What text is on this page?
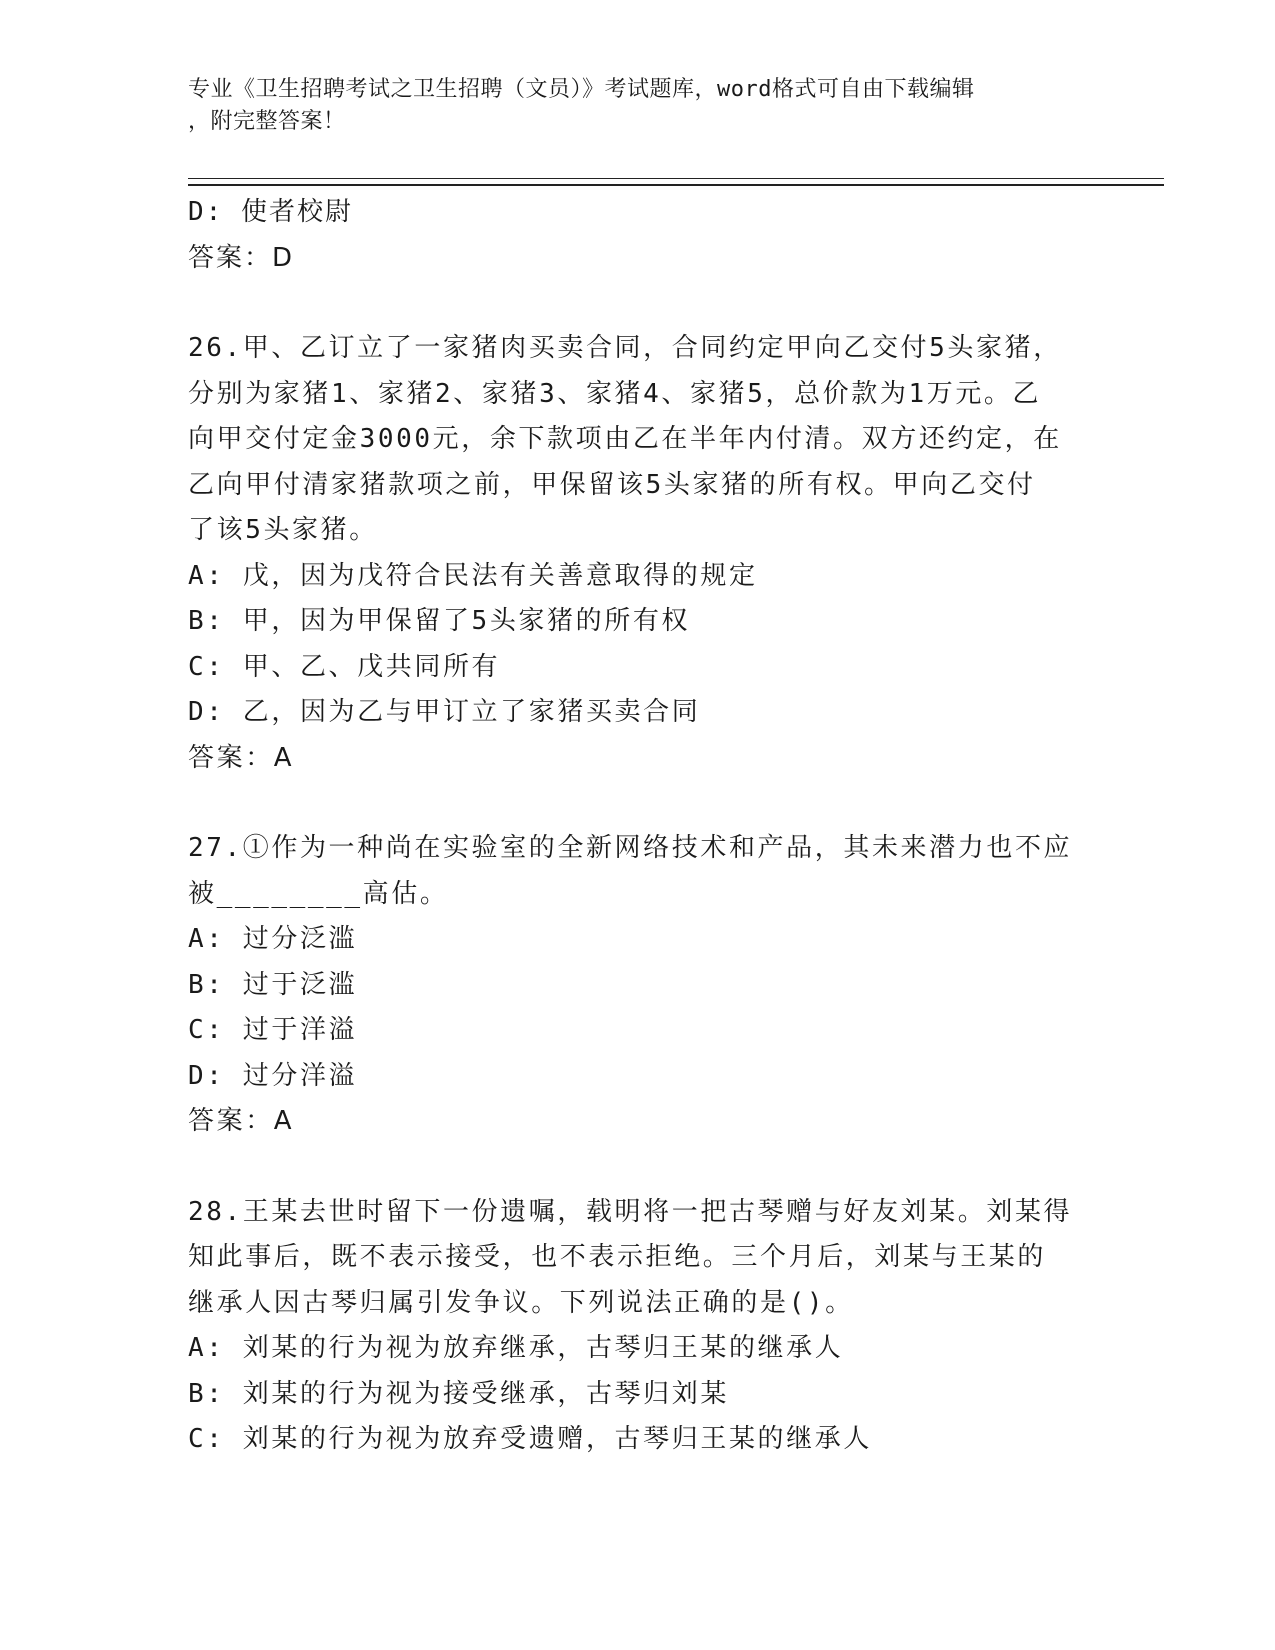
专业《卫生招聘考试之卫生招聘（文员）》考试题库，word格式可自由下载编辑
，附完整答案！
D: 使者校尉
答案：D
26.甲、乙订立了一家猪肉买卖合同，合同约定甲向乙交付5头家猪，
分别为家猪1、家猪2、家猪3、家猪4、家猪5，总价款为1万元。乙
向甲交付定金3000元，余下款项由乙在半年内付清。双方还约定，在
乙向甲付清家猪款项之前，甲保留该5头家猪的所有权。甲向乙交付
了该5头家猪。
A: 戊，因为戊符合民法有关善意取得的规定
B: 甲，因为甲保留了5头家猪的所有权
C: 甲、乙、戊共同所有
D: 乙，因为乙与甲订立了家猪买卖合同
答案：A
27.①作为一种尚在实验室的全新网络技术和产品，其未来潜力也不应
被________高估。
A: 过分泛滥
B: 过于泛滥
C: 过于洋溢
D: 过分洋溢
答案：A
28.王某去世时留下一份遗嘱，载明将一把古琴赠与好友刘某。刘某得
知此事后，既不表示接受，也不表示拒绝。三个月后，刘某与王某的
继承人因古琴归属引发争议。下列说法正确的是()。
A: 刘某的行为视为放弃继承，古琴归王某的继承人
B: 刘某的行为视为接受继承，古琴归刘某
C: 刘某的行为视为放弃受遗赠，古琴归王某的继承人
